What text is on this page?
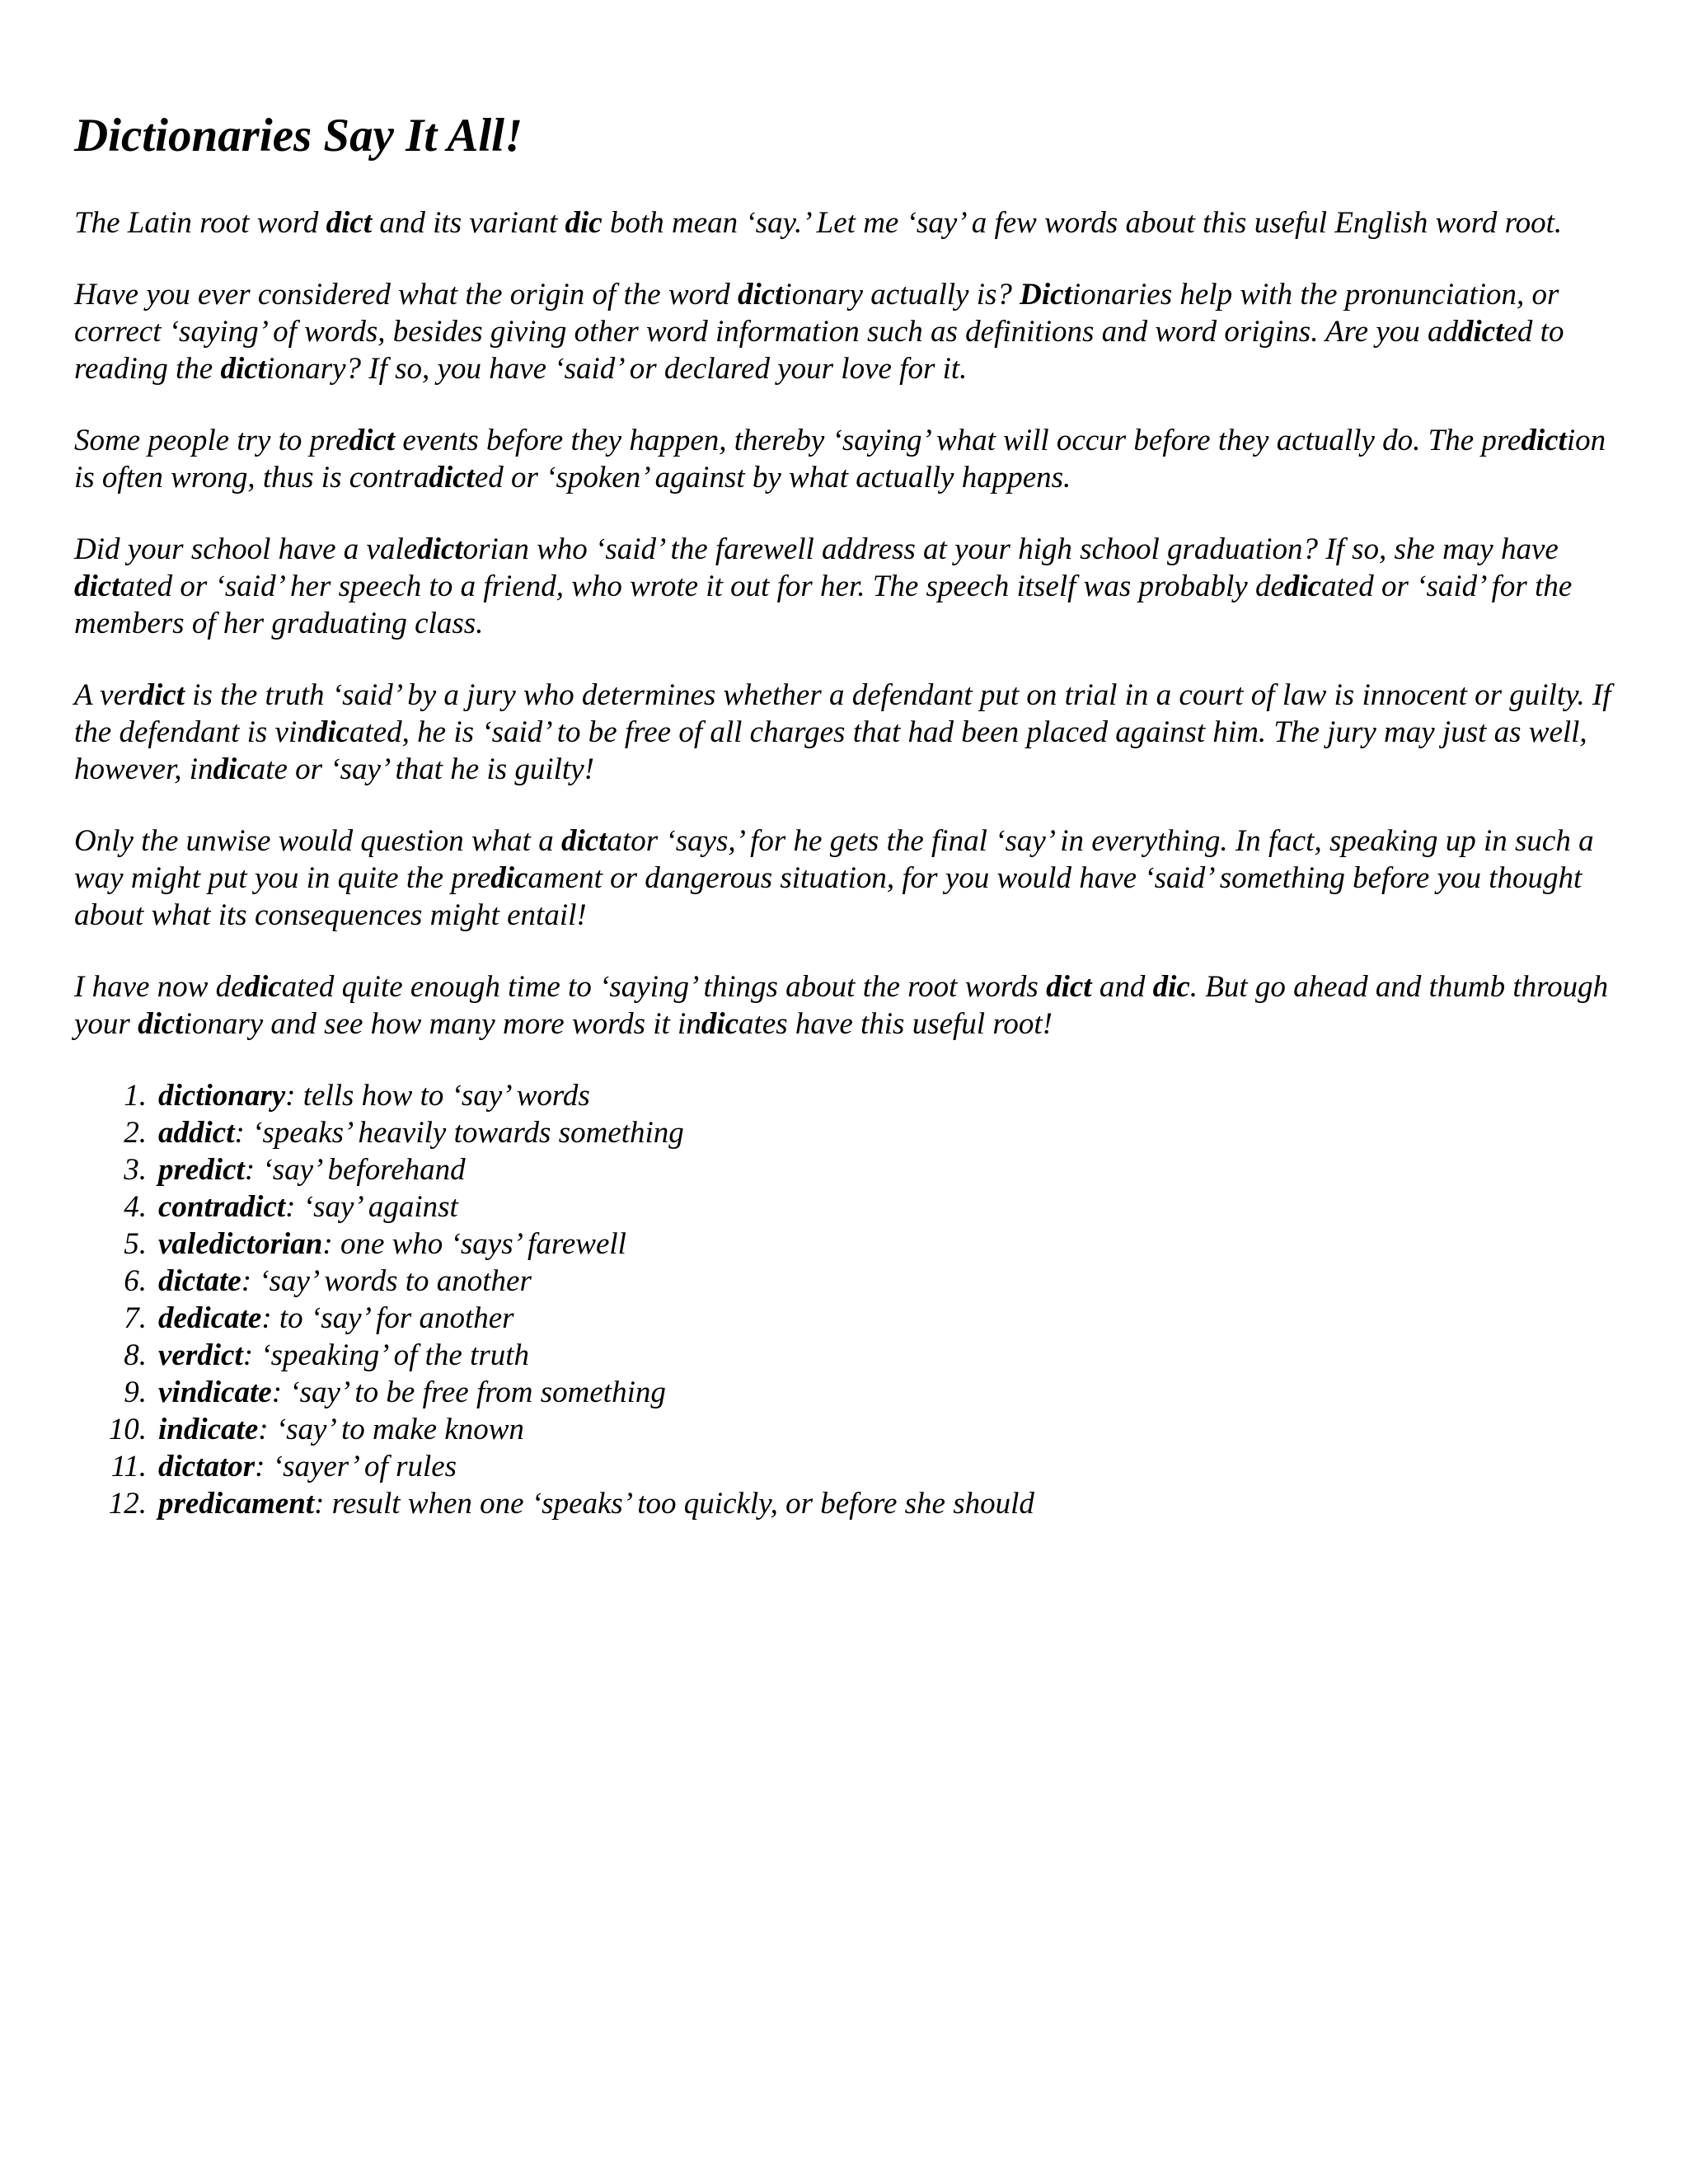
Dictionaries Say It All!

The Latin root word dict and its variant dic both mean ‘say.’ Let me ‘say’ a few words about this useful English word root.

Have you ever considered what the origin of the word dictionary actually is? Dictionaries help with the pronunciation, or correct ‘saying’ of words, besides giving other word information such as definitions and word origins. Are you addicted to reading the dictionary? If so, you have ‘said’ or declared your love for it.

Some people try to predict events before they happen, thereby ‘saying’ what will occur before they actually do. The prediction is often wrong, thus is contradicted or ‘spoken’ against by what actually happens.

Did your school have a valedictorian who ‘said’ the farewell address at your high school graduation? If so, she may have dictated or ‘said’ her speech to a friend, who wrote it out for her. The speech itself was probably dedicated or ‘said’ for the members of her graduating class.

A verdict is the truth ‘said’ by a jury who determines whether a defendant put on trial in a court of law is innocent or guilty. If the defendant is vindicated, he is ‘said’ to be free of all charges that had been placed against him. The jury may just as well, however, indicate or ‘say’ that he is guilty!

Only the unwise would question what a dictator ‘says,’ for he gets the final ‘say’ in everything. In fact, speaking up in such a way might put you in quite the predicament or dangerous situation, for you would have ‘said’ something before you thought about what its consequences might entail!

I have now dedicated quite enough time to ‘saying’ things about the root words dict and dic. But go ahead and thumb through your dictionary and see how many more words it indicates have this useful root!

1. dictionary: tells how to ‘say’ words
2. addict: ‘speaks’ heavily towards something
3. predict: ‘say’ beforehand
4. contradict: ‘say’ against
5. valedictorian: one who ‘says’ farewell
6. dictate: ‘say’ words to another
7. dedicate: to ‘say’ for another
8. verdict: ‘speaking’ of the truth
9. vindicate: ‘say’ to be free from something
10. indicate: ‘say’ to make known
11. dictator: ‘sayer’ of rules
12. predicament: result when one ‘speaks’ too quickly, or before she should
